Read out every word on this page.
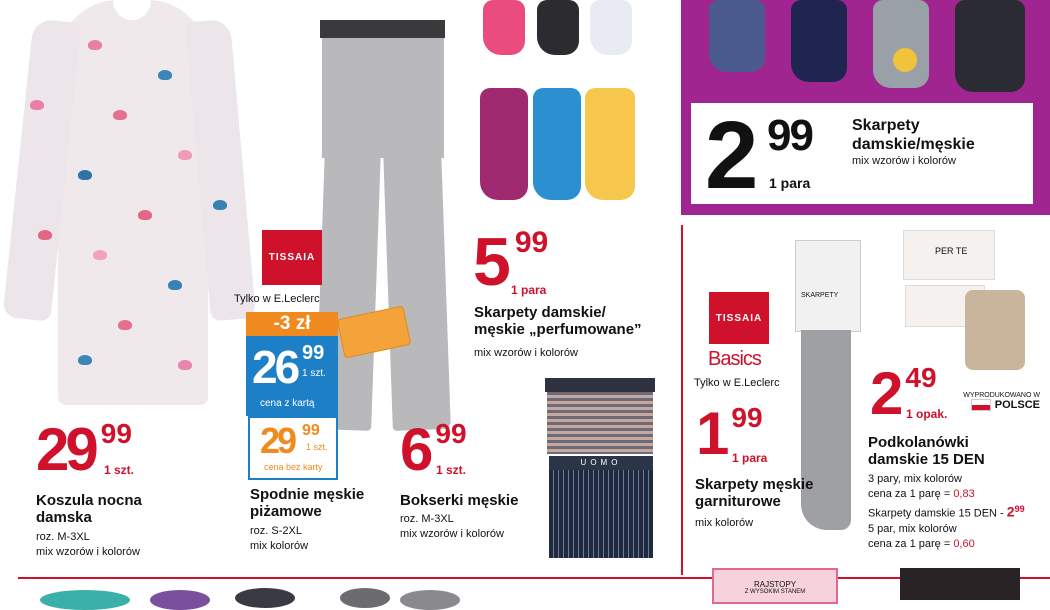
29 99
1 szt.
Koszula nocna
damska
roz. M-3XL
mix wzorów i kolorów
TISSAIA
Tylko w E.Leclerc
-3 zł
26 99
1 szt.
cena z kartą
29 99
1 szt.
cena bez karty
Spodnie męskie
piżamowe
roz. S-2XL
mix kolorów
5 99
1 para
Skarpety damskie/
męskie „perfumowane”
mix wzorów i kolorów
UOMO
6 99
1 szt.
Bokserki męskie
roz. M-3XL
mix wzorów i kolorów
2 99
1 para
Skarpety
damskie/męskie
mix wzorów i kolorów
TISSAIA
Basics
Tylko w E.Leclerc
SKARPETY
1 99
1 para
Skarpety męskie
garniturowe
mix kolorów
PER TE
2 49
1 opak.
WYPRODUKOWANO W
POLSCE
Podkolanówki
damskie 15 DEN
3 pary, mix kolorów
cena za 1 parę = 0,83
Skarpety damskie 15 DEN - $2^{99}$
5 par, mix kolorów
cena za 1 parę = 0,60
RAJSTOPY
Z WYSOKIM STANEM
